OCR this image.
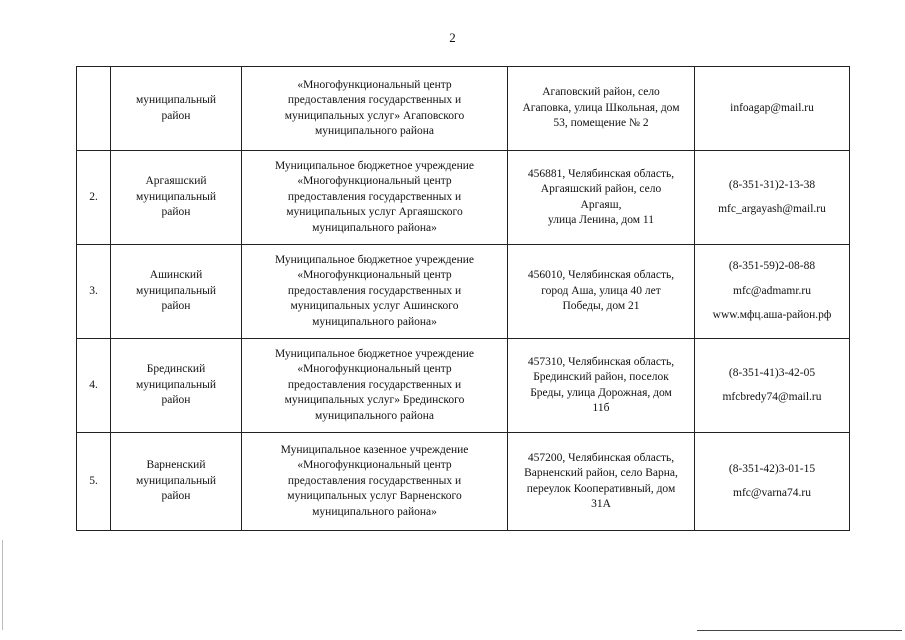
2

	муниципальный
район	«Многофункциональный центр
предоставления государственных и
муниципальных услуг» Агаповского
муниципального района	Агаповский район, село
Агаповка, улица Школьная, дом
53, помещение № 2	infoagap@mail.ru

2.	Аргаяшский
муниципальный
район	Муниципальное бюджетное учреждение
«Многофункциональный центр
предоставления государственных и
муниципальных услуг Аргаяшского
муниципального района»	456881, Челябинская область,
Аргаяшский район, село
Аргаяш,
улица Ленина, дом 11	(8-351-31)2-13-38
mfc_argayash@mail.ru

3.	Ашинский
муниципальный
район	Муниципальное бюджетное учреждение
«Многофункциональный центр
предоставления государственных и
муниципальных услуг Ашинского
муниципального района»	456010, Челябинская область,
город Аша, улица 40 лет
Победы, дом 21	(8-351-59)2-08-88
mfc@admamr.ru
www.мфц.аша-район.рф

4.	Брединский
муниципальный
район	Муниципальное бюджетное учреждение
«Многофункциональный центр
предоставления государственных и
муниципальных услуг» Брединского
муниципального района	457310, Челябинская область,
Брединский район, поселок
Бреды, улица Дорожная, дом
11б	(8-351-41)3-42-05
mfcbredy74@mail.ru

5.	Варненский
муниципальный
район	Муниципальное казенное учреждение
«Многофункциональный центр
предоставления государственных и
муниципальных услуг Варненского
муниципального района»	457200, Челябинская область,
Варненский район, село Варна,
переулок Кооперативный, дом
31А	(8-351-42)3-01-15
mfc@varna74.ru
